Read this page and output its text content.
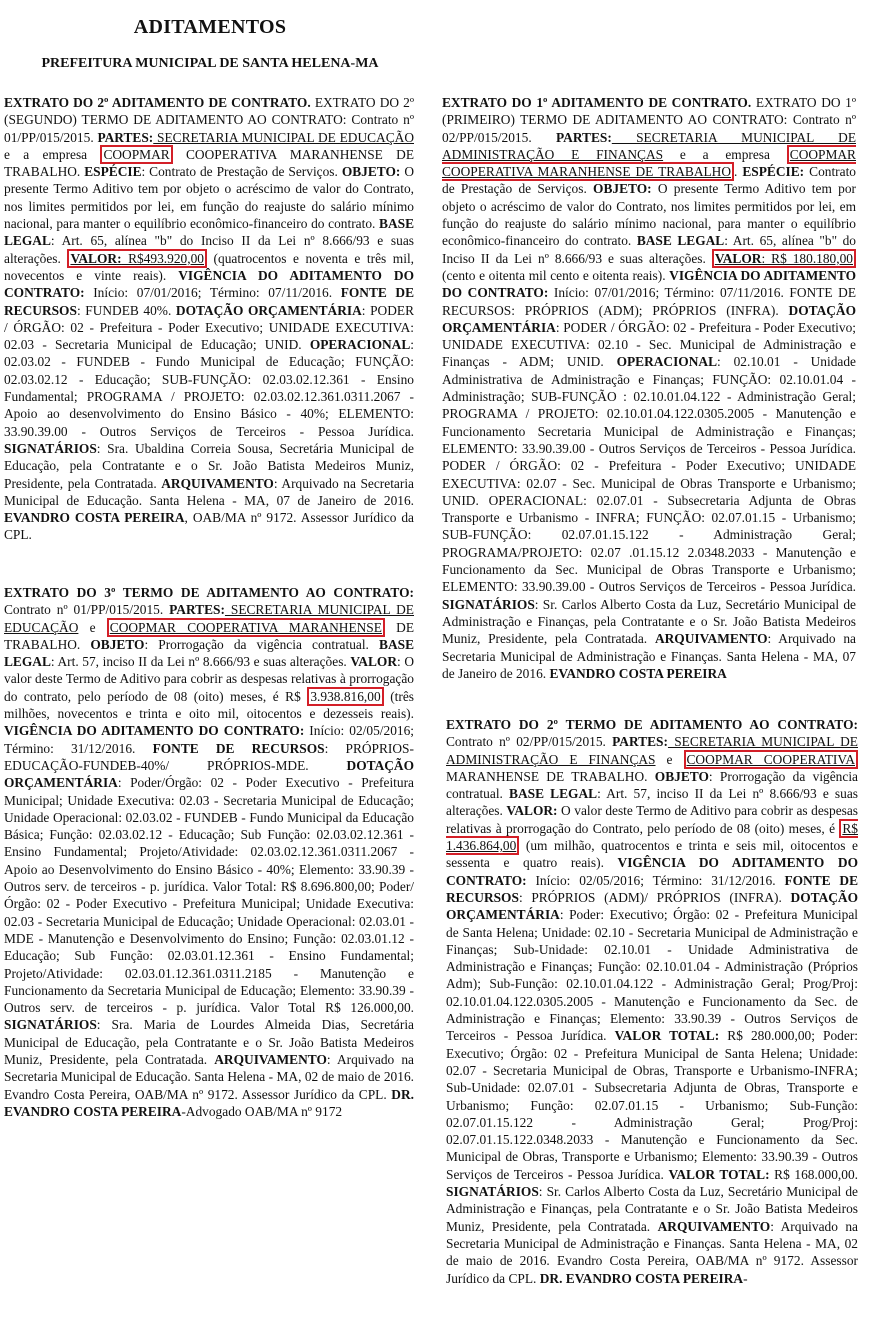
ADITAMENTOS
PREFEITURA MUNICIPAL DE SANTA HELENA-MA
EXTRATO DO 2º ADITAMENTO DE CONTRATO. EXTRATO DO 2º (SEGUNDO) TERMO DE ADITAMENTO AO CONTRATO: Contrato nº 01/PP/015/2015. PARTES: SECRETARIA MUNICIPAL DE EDUCAÇÃO e a empresa COOPMAR COOPERATIVA MARANHENSE DE TRABALHO. ESPÉCIE: Contrato de Prestação de Serviços. OBJETO: O presente Termo Aditivo tem por objeto o acréscimo de valor do Contrato, nos limites permitidos por lei, em função do reajuste do salário mínimo nacional, para manter o equilíbrio econômico-financeiro do contrato. BASE LEGAL: Art. 65, alínea "b" do Inciso II da Lei nº 8.666/93 e suas alterações. VALOR: R$493.920,00 (quatrocentos e noventa e três mil, novecentos e vinte reais). VIGÊNCIA DO ADITAMENTO DO CONTRATO: Início: 07/01/2016; Término: 07/11/2016. FONTE DE RECURSOS: FUNDEB 40%. DOTAÇÃO ORÇAMENTÁRIA: PODER / ÓRGÃO: 02 - Prefeitura - Poder Executivo; UNIDADE EXECUTIVA: 02.03 - Secretaria Municipal de Educação; UNID. OPERACIONAL: 02.03.02 - FUNDEB - Fundo Municipal de Educação; FUNÇÃO: 02.03.02.12 - Educação; SUB-FUNÇÃO: 02.03.02.12.361 - Ensino Fundamental; PROGRAMA / PROJETO: 02.03.02.12.361.0311.2067 - Apoio ao desenvolvimento do Ensino Básico - 40%; ELEMENTO: 33.90.39.00 - Outros Serviços de Terceiros - Pessoa Jurídica. SIGNATÁRIOS: Sra. Ubaldina Correia Sousa, Secretária Municipal de Educação, pela Contratante e o Sr. João Batista Medeiros Muniz, Presidente, pela Contratada. ARQUIVAMENTO: Arquivado na Secretaria Municipal de Educação. Santa Helena - MA, 07 de Janeiro de 2016. EVANDRO COSTA PEREIRA, OAB/MA nº 9172. Assessor Jurídico da CPL.
EXTRATO DO 3º TERMO DE ADITAMENTO AO CONTRATO: Contrato nº 01/PP/015/2015. PARTES: SECRETARIA MUNICIPAL DE EDUCAÇÃO e COOPMAR COOPERATIVA MARANHENSE DE TRABALHO. OBJETO: Prorrogação da vigência contratual. BASE LEGAL: Art. 57, inciso II da Lei nº 8.666/93 e suas alterações. VALOR: O valor deste Termo de Aditivo para cobrir as despesas relativas à prorrogação do contrato, pelo período de 08 (oito) meses, é R$ 3.938.816,00 (três milhões, novecentos e trinta e oito mil, oitocentos e dezesseis reais). VIGÊNCIA DO ADITAMENTO DO CONTRATO: Início: 02/05/2016; Término: 31/12/2016. FONTE DE RECURSOS: PRÓPRIOS-EDUCAÇÃO-FUNDEB-40%/ PRÓPRIOS-MDE. DOTAÇÃO ORÇAMENTÁRIA: Poder/Órgão: 02 - Poder Executivo - Prefeitura Municipal; Unidade Executiva: 02.03 - Secretaria Municipal de Educação; Unidade Operacional: 02.03.02 - FUNDEB - Fundo Municipal da Educação Básica; Função: 02.03.02.12 - Educação; Sub Função: 02.03.02.12.361 - Ensino Fundamental; Projeto/Atividade: 02.03.02.12.361.0311.2067 - Apoio ao Desenvolvimento do Ensino Básico - 40%; Elemento: 33.90.39 - Outros serv. de terceiros - p. jurídica. Valor Total: R$ 8.696.800,00; Poder/Órgão: 02 - Poder Executivo - Prefeitura Municipal; Unidade Executiva: 02.03 - Secretaria Municipal de Educação; Unidade Operacional: 02.03.01 - MDE - Manutenção e Desenvolvimento do Ensino; Função: 02.03.01.12 - Educação; Sub Função: 02.03.01.12.361 - Ensino Fundamental; Projeto/Atividade: 02.03.01.12.361.0311.2185 - Manutenção e Funcionamento da Secretaria Municipal de Educação; Elemento: 33.90.39 - Outros serv. de terceiros - p. jurídica. Valor Total R$ 126.000,00. SIGNATÁRIOS: Sra. Maria de Lourdes Almeida Dias, Secretária Municipal de Educação, pela Contratante e o Sr. João Batista Medeiros Muniz, Presidente, pela Contratada. ARQUIVAMENTO: Arquivado na Secretaria Municipal de Educação. Santa Helena - MA, 02 de maio de 2016. Evandro Costa Pereira, OAB/MA nº 9172. Assessor Jurídico da CPL. DR. EVANDRO COSTA PEREIRA-Advogado OAB/MA nº 9172
EXTRATO DO 1º ADITAMENTO DE CONTRATO. EXTRATO DO 1º (PRIMEIRO) TERMO DE ADITAMENTO AO CONTRATO: Contrato nº 02/PP/015/2015. PARTES: SECRETARIA MUNICIPAL DE ADMINISTRAÇÃO E FINANÇAS e a empresa COOPMAR COOPERATIVA MARANHENSE DE TRABALHO . ESPÉCIE: Contrato de Prestação de Serviços. OBJETO: O presente Termo Aditivo tem por objeto o acréscimo de valor do Contrato, nos limites permitidos por lei, em função do reajuste do salário mínimo nacional, para manter o equilíbrio econômico-financeiro do contrato. BASE LEGAL: Art. 65, alínea "b" do Inciso II da Lei nº 8.666/93 e suas alterações. VALOR: R$ 180.180,00 (cento e oitenta mil cento e oitenta reais). VIGÊNCIA DO ADITAMENTO DO CONTRATO: Início: 07/01/2016; Término: 07/11/2016. FONTE DE RECURSOS: PRÓPRIOS (ADM); PRÓPRIOS (INFRA). DOTAÇÃO ORÇAMENTÁRIA: PODER / ÓRGÃO: 02 - Prefeitura - Poder Executivo; UNIDADE EXECUTIVA: 02.10 - Sec. Municipal de Administração e Finanças - ADM; UNID. OPERACIONAL: 02.10.01 - Unidade Administrativa de Administração e Finanças; FUNÇÃO: 02.10.01.04 - Administração; SUB-FUNÇÃO : 02.10.01.04.122 - Administração Geral; PROGRAMA / PROJETO: 02.10.01.04.122.0305.2005 - Manutenção e Funcionamento Secretaria Municipal de Administração e Finanças; ELEMENTO: 33.90.39.00 - Outros Serviços de Terceiros - Pessoa Jurídica. PODER / ÓRGÃO: 02 - Prefeitura - Poder Executivo; UNIDADE EXECUTIVA: 02.07 - Sec. Municipal de Obras Transporte e Urbanismo; UNID. OPERACIONAL: 02.07.01 - Subsecretaria Adjunta de Obras Transporte e Urbanismo - INFRA; FUNÇÃO: 02.07.01.15 - Urbanismo; SUB-FUNÇÃO: 02.07.01.15.122 - Administração Geral; PROGRAMA/PROJETO: 02.07 .01.15.12 2.0348.2033 - Manutenção e Funcionamento da Sec. Municipal de Obras Transporte e Urbanismo; ELEMENTO: 33.90.39.00 - Outros Serviços de Terceiros - Pessoa Jurídica. SIGNATÁRIOS: Sr. Carlos Alberto Costa da Luz, Secretário Municipal de Administração e Finanças, pela Contratante e o Sr. João Batista Medeiros Muniz, Presidente, pela Contratada. ARQUIVAMENTO: Arquivado na Secretaria Municipal de Administração e Finanças. Santa Helena - MA, 07 de Janeiro de 2016. EVANDRO COSTA PEREIRA
EXTRATO DO 2º TERMO DE ADITAMENTO AO CONTRATO: Contrato nº 02/PP/015/2015. PARTES: SECRETARIA MUNICIPAL DE ADMINISTRAÇÃO E FINANÇAS e COOPMAR COOPERATIVA MARANHENSE DE TRABALHO. OBJETO: Prorrogação da vigência contratual. BASE LEGAL: Art. 57, inciso II da Lei nº 8.666/93 e suas alterações. VALOR: O valor deste Termo de Aditivo para cobrir as despesas relativas à prorrogação do Contrato, pelo período de 08 (oito) meses, é R$ 1.436.864,00 (um milhão, quatrocentos e trinta e seis mil, oitocentos e sessenta e quatro reais). VIGÊNCIA DO ADITAMENTO DO CONTRATO: Início: 02/05/2016; Término: 31/12/2016. FONTE DE RECURSOS: PRÓPRIOS (ADM)/ PRÓPRIOS (INFRA). DOTAÇÃO ORÇAMENTÁRIA: Poder: Executivo; Órgão: 02 - Prefeitura Municipal de Santa Helena; Unidade: 02.10 - Secretaria Municipal de Administração e Finanças; Sub-Unidade: 02.10.01 - Unidade Administrativa de Administração e Finanças; Função: 02.10.01.04 - Administração (Próprios Adm); Sub-Função: 02.10.01.04.122 - Administração Geral; Prog/Proj: 02.10.01.04.122.0305.2005 - Manutenção e Funcionamento da Sec. de Administração e Finanças; Elemento: 33.90.39 - Outros Serviços de Terceiros - Pessoa Jurídica. VALOR TOTAL: R$ 280.000,00; Poder: Executivo; Órgão: 02 - Prefeitura Municipal de Santa Helena; Unidade: 02.07 - Secretaria Municipal de Obras, Transporte e Urbanismo-INFRA; Sub-Unidade: 02.07.01 - Subsecretaria Adjunta de Obras, Transporte e Urbanismo; Função: 02.07.01.15 - Urbanismo; Sub-Função: 02.07.01.15.122 - Administração Geral; Prog/Proj: 02.07.01.15.122.0348.2033 - Manutenção e Funcionamento da Sec. Municipal de Obras, Transporte e Urbanismo; Elemento: 33.90.39 - Outros Serviços de Terceiros - Pessoa Jurídica. VALOR TOTAL: R$ 168.000,00. SIGNATÁRIOS: Sr. Carlos Alberto Costa da Luz, Secretário Municipal de Administração e Finanças, pela Contratante e o Sr. João Batista Medeiros Muniz, Presidente, pela Contratada. ARQUIVAMENTO: Arquivado na Secretaria Municipal de Administração e Finanças. Santa Helena - MA, 02 de maio de 2016. Evandro Costa Pereira, OAB/MA nº 9172. Assessor Jurídico da CPL. DR. EVANDRO COSTA PEREIRA-
